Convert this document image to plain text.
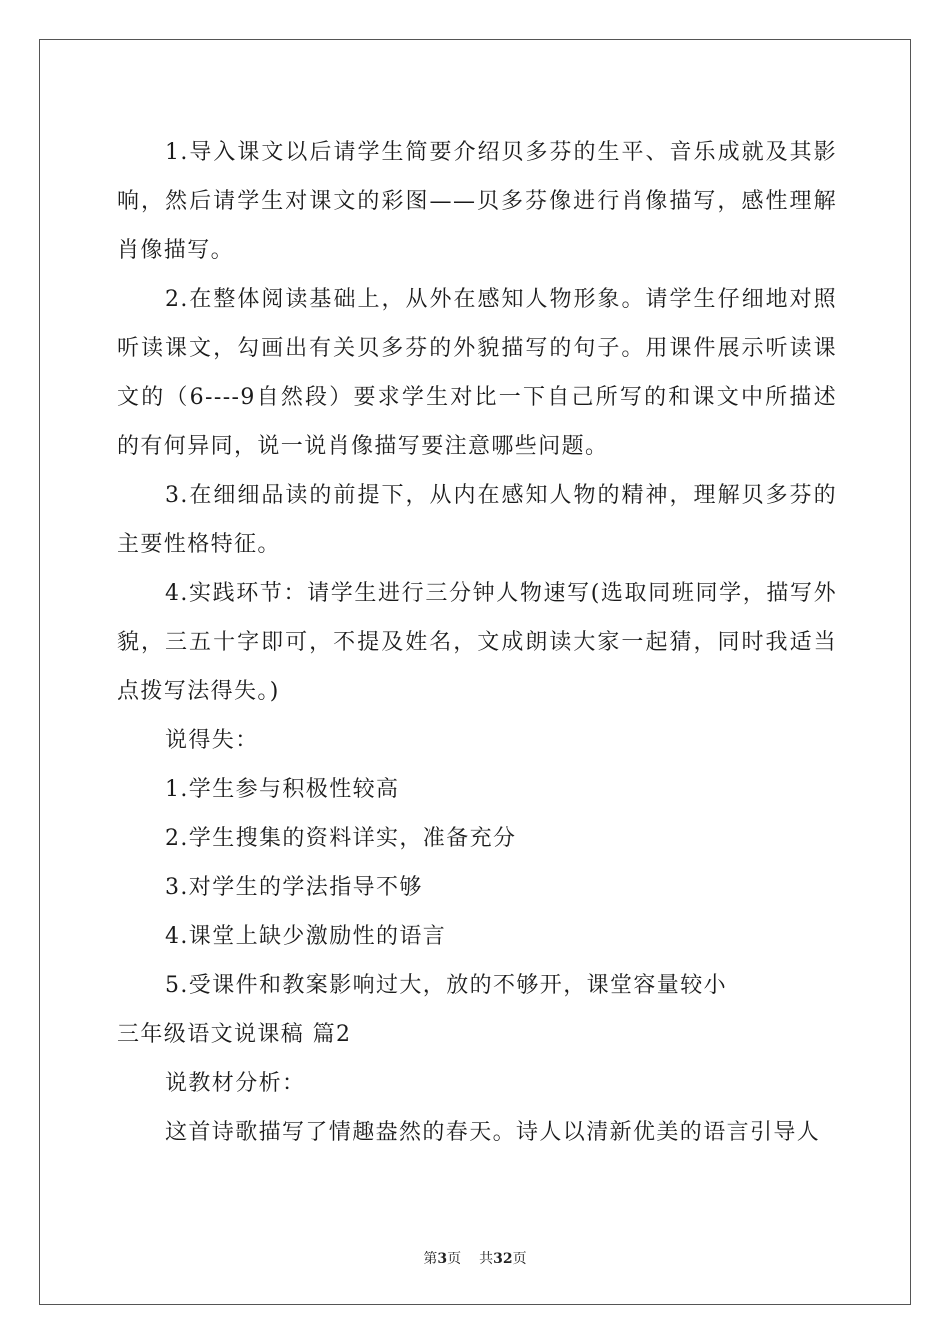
1.导入课文以后请学生简要介绍贝多芬的生平、音乐成就及其影响，然后请学生对课文的彩图——贝多芬像进行肖像描写，感性理解肖像描写。

2.在整体阅读基础上，从外在感知人物形象。请学生仔细地对照听读课文，勾画出有关贝多芬的外貌描写的句子。用课件展示听读课文的（6----9自然段）要求学生对比一下自己所写的和课文中所描述的有何异同，说一说肖像描写要注意哪些问题。

3.在细细品读的前提下，从内在感知人物的精神，理解贝多芬的主要性格特征。

4.实践环节：请学生进行三分钟人物速写(选取同班同学，描写外貌，三五十字即可，不提及姓名，文成朗读大家一起猜，同时我适当点拨写法得失。)

说得失：

1.学生参与积极性较高

2.学生搜集的资料详实，准备充分

3.对学生的学法指导不够

4.课堂上缺少激励性的语言

5.受课件和教案影响过大，放的不够开，课堂容量较小

三年级语文说课稿 篇2

说教材分析：

这首诗歌描写了情趣盎然的春天。诗人以清新优美的语言引导人

第3页 共32页
